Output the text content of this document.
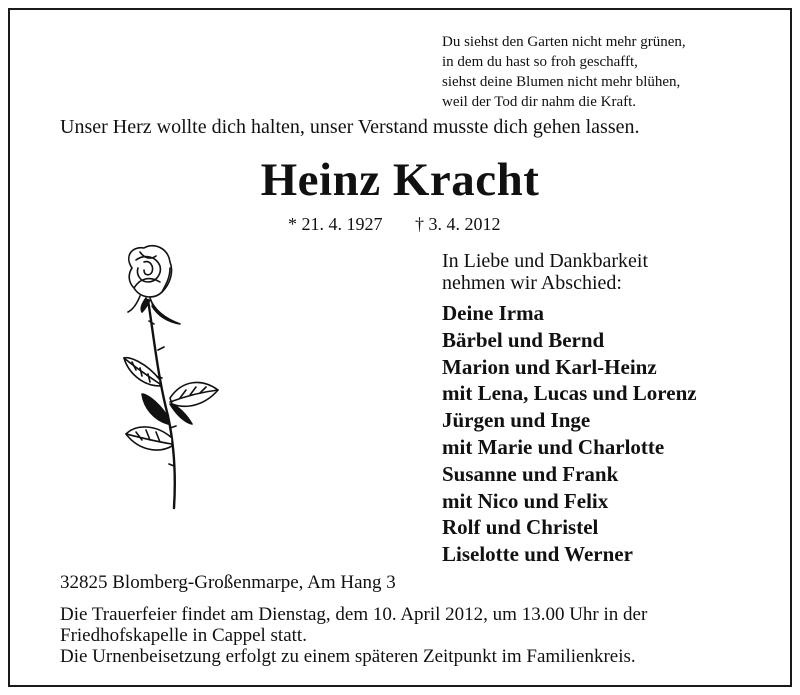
Du siehst den Garten nicht mehr grünen,
in dem du hast so froh geschafft,
siehst deine Blumen nicht mehr blühen,
weil der Tod dir nahm die Kraft.
Unser Herz wollte dich halten, unser Verstand musste dich gehen lassen.
Heinz Kracht
* 21. 4. 1927 † 3. 4. 2012
In Liebe und Dankbarkeit
nehmen wir Abschied:
Deine Irma
Bärbel und Bernd
Marion und Karl-Heinz
mit Lena, Lucas und Lorenz
Jürgen und Inge
mit Marie und Charlotte
Susanne und Frank
mit Nico und Felix
Rolf und Christel
Liselotte und Werner
32825 Blomberg-Großenmarpe, Am Hang 3
Die Trauerfeier findet am Dienstag, dem 10. April 2012, um 13.00 Uhr in der
Friedhofskapelle in Cappel statt.
Die Urnenbeisetzung erfolgt zu einem späteren Zeitpunkt im Familienkreis.
